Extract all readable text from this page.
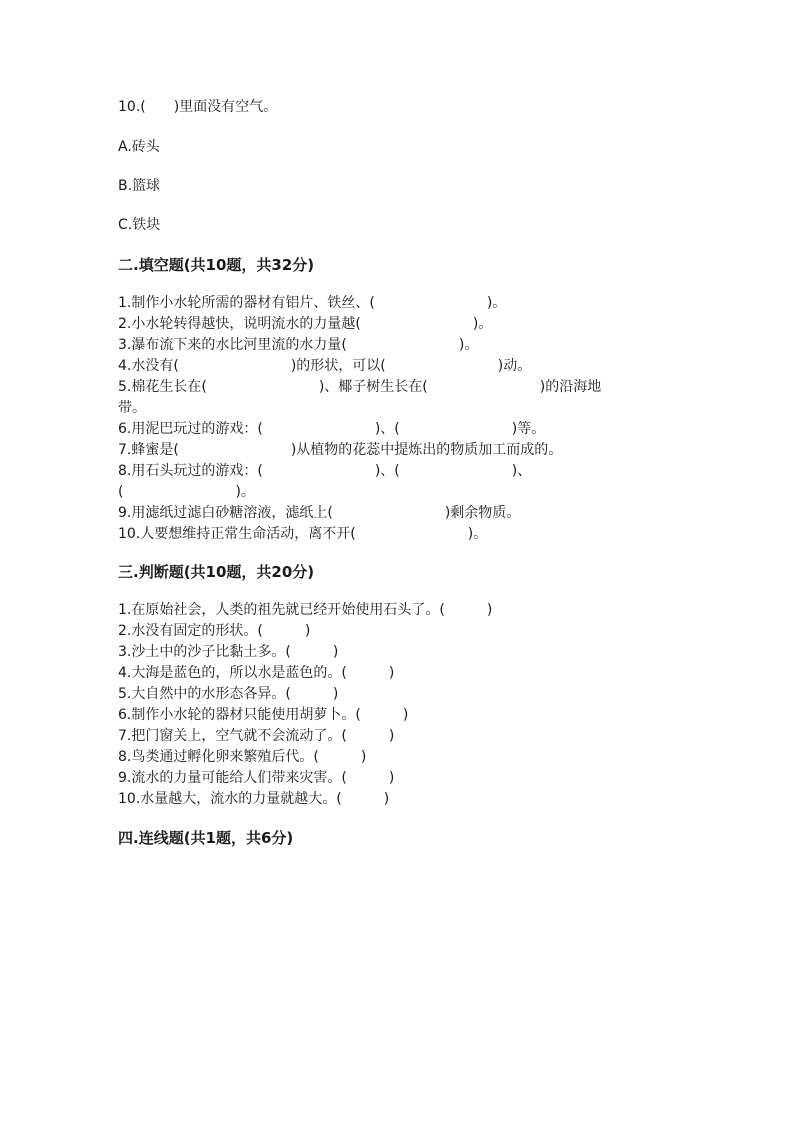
10.(　　)里面没有空气。
A.砖头
B.篮球
C.铁块
二.填空题(共10题，共32分)
1.制作小水轮所需的器材有铝片、铁丝、(　　　　　　　　)。
2.小水轮转得越快，说明流水的力量越(　　　　　　　　)。
3.瀑布流下来的水比河里流的水力量(　　　　　　　　)。
4.水没有(　　　　　　　　)的形状，可以(　　　　　　　　)动。
5.棉花生长在(　　　　　　　　)、椰子树生长在(　　　　　　　　)的沿海地
带。
6.用泥巴玩过的游戏：(　　　　　　　　)、(　　　　　　　　)等。
7.蜂蜜是(　　　　　　　　)从植物的花蕊中提炼出的物质加工而成的。
8.用石头玩过的游戏：(　　　　　　　　)、(　　　　　　　　)、
(　　　　　　　　)。
9.用滤纸过滤白砂糖溶液，滤纸上(　　　　　　　　)剩余物质。
10.人要想维持正常生命活动，离不开(　　　　　　　　)。
三.判断题(共10题，共20分)
1.在原始社会，人类的祖先就已经开始使用石头了。(　　　)
2.水没有固定的形状。(　　　)
3.沙土中的沙子比黏土多。(　　　)
4.大海是蓝色的，所以水是蓝色的。(　　　)
5.大自然中的水形态各异。(　　　)
6.制作小水轮的器材只能使用胡萝卜。(　　　)
7.把门窗关上，空气就不会流动了。(　　　)
8.鸟类通过孵化卵来繁殖后代。(　　　)
9.流水的力量可能给人们带来灾害。(　　　)
10.水量越大，流水的力量就越大。(　　　)
四.连线题(共1题，共6分)
